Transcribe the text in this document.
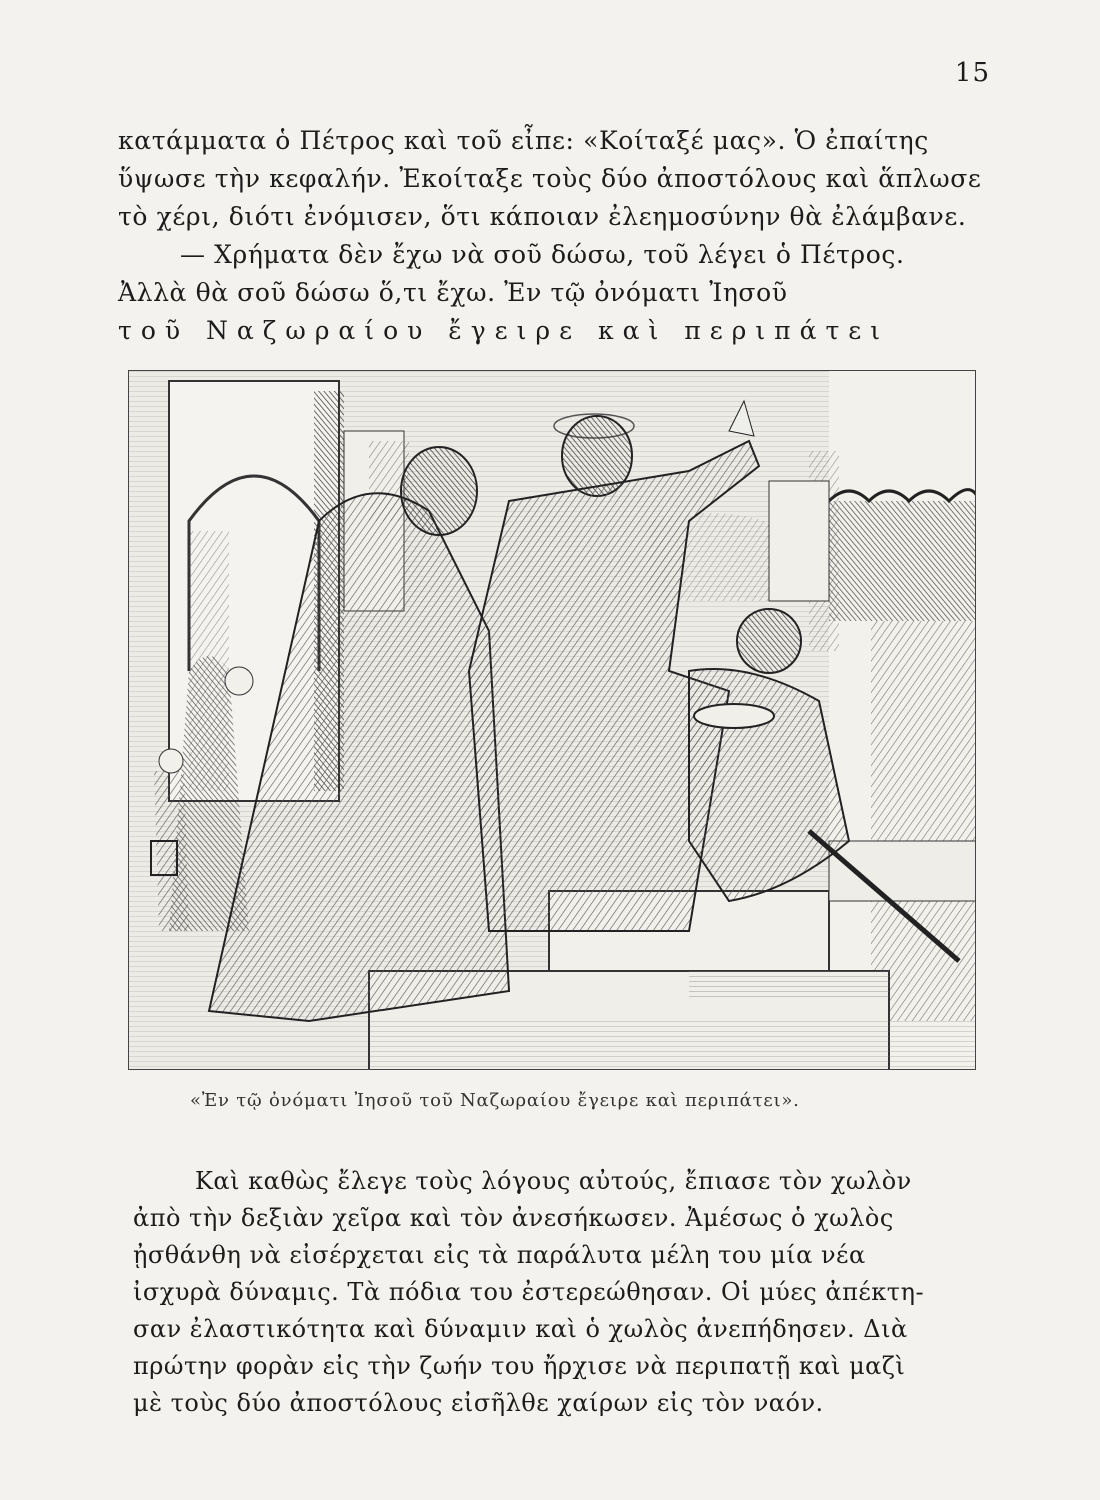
15
κατάμματα ὁ Πέτρος καὶ τοῦ εἶπε: «Κοίταξέ μας». Ὁ ἐπαίτης
ὕψωσε τὴν κεφαλήν. Ἐκοίταξε τοὺς δύο ἀποστόλους καὶ ἅπλωσε
τὸ χέρι, διότι ἐνόμισεν, ὅτι κάποιαν ἐλεημοσύνην θὰ ἐλάμβανε.
— Χρήματα δὲν ἔχω νὰ σοῦ δώσω, τοῦ λέγει ὁ Πέτρος.
Ἀλλὰ θὰ σοῦ δώσω ὅ,τι ἔχω. Ἐν τῷ ὀνόματι Ἰησοῦ
τοῦ Ναζωραίου ἔγειρε καὶ περιπάτει
«Ἐν τῷ ὀνόματι Ἰησοῦ τοῦ Ναζωραίου ἔγειρε καὶ περιπάτει».
Καὶ καθὼς ἔλεγε τοὺς λόγους αὐτούς, ἔπιασε τὸν χωλὸν
ἀπὸ τὴν δεξιὰν χεῖρα καὶ τὸν ἀνεσήκωσεν. Ἀμέσως ὁ χωλὸς
ᾐσθάνθη νὰ εἰσέρχεται εἰς τὰ παράλυτα μέλη του μία νέα
ἰσχυρὰ δύναμις. Τὰ πόδια του ἐστερεώθησαν. Οἱ μύες ἀπέκτη-
σαν ἐλαστικότητα καὶ δύναμιν καὶ ὁ χωλὸς ἀνεπήδησεν. Διὰ
πρώτην φορὰν εἰς τὴν ζωήν του ἤρχισε νὰ περιπατῇ καὶ μαζὶ
μὲ τοὺς δύο ἀποστόλους εἰσῆλθε χαίρων εἰς τὸν ναόν.
